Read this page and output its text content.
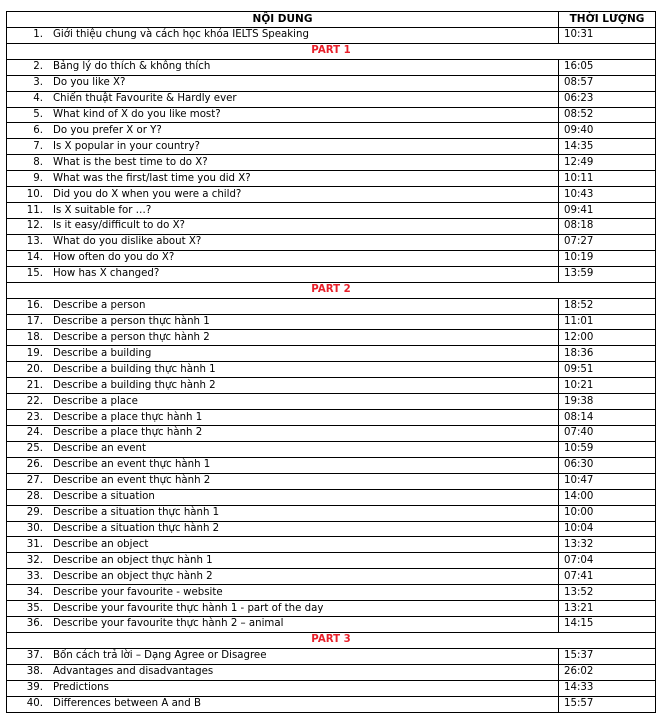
NỘI DUNG	THỜI LƯỢNG
1. Giới thiệu chung và cách học khóa IELTS Speaking	10:31
PART 1	
2. Bảng lý do thích & không thích	16:05
3. Do you like X?	08:57
4. Chiến thuật Favourite & Hardly ever	06:23
5. What kind of X do you like most?	08:52
6. Do you prefer X or Y?	09:40
7. Is X popular in your country?	14:35
8. What is the best time to do X?	12:49
9. What was the first/last time you did X?	10:11
10. Did you do X when you were a child?	10:43
11. Is X suitable for …?	09:41
12. Is it easy/difficult to do X?	08:18
13. What do you dislike about X?	07:27
14. How often do you do X?	10:19
15. How has X changed?	13:59
PART 2	
16. Describe a person	18:52
17. Describe a person thực hành 1	11:01
18. Describe a person thực hành 2	12:00
19. Describe a building	18:36
20. Describe a building thực hành 1	09:51
21. Describe a building thực hành 2	10:21
22. Describe a place	19:38
23. Describe a place thực hành 1	08:14
24. Describe a place thực hành 2	07:40
25. Describe an event	10:59
26. Describe an event thực hành 1	06:30
27. Describe an event thực hành 2	10:47
28. Describe a situation	14:00
29. Describe a situation thực hành 1	10:00
30. Describe a situation thực hành 2	10:04
31. Describe an object	13:32
32. Describe an object thực hành 1	07:04
33. Describe an object thực hành 2	07:41
34. Describe your favourite - website	13:52
35. Describe your favourite thực hành 1 - part of the day	13:21
36. Describe your favourite thực hành 2 – animal	14:15
PART 3	
37. Bốn cách trả lời – Dạng Agree or Disagree	15:37
38. Advantages and disadvantages	26:02
39. Predictions	14:33
40. Differences between A and B	15:57
